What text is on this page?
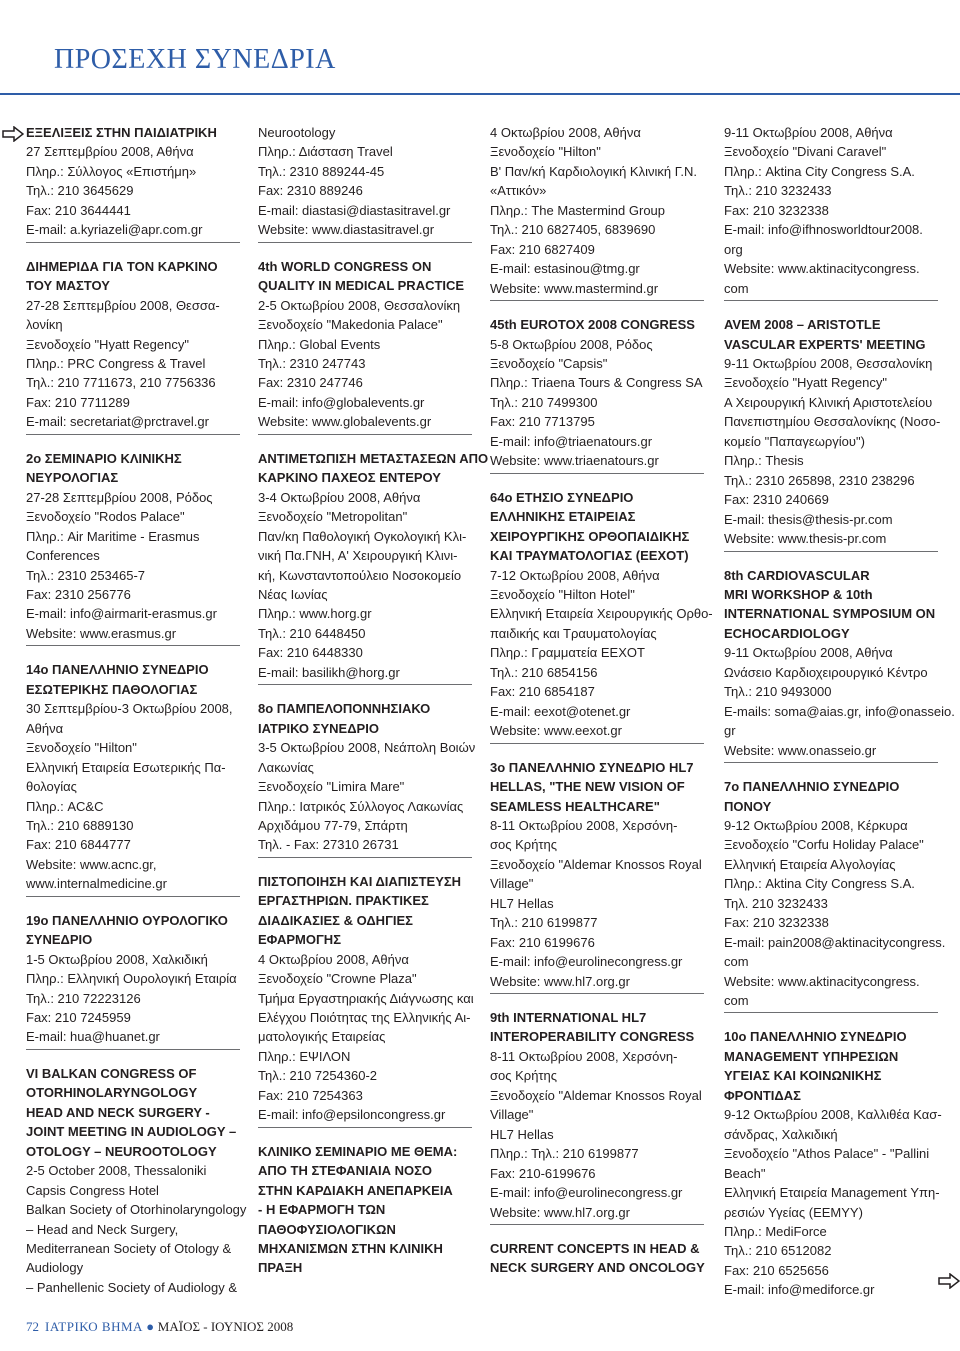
ΠΡΟΣΕΧΗ ΣΥΝΕΔΡΙΑ
ΕΞΕΛΙΞΕΙΣ ΣΤΗΝ ΠΑΙΔΙΑΤΡΙΚΗ
27 Σεπτεμβρίου 2008, Αθήνα
Πληρ.: Σύλλογος «Επιστήμη»
Τηλ.: 210 3645629
Fax: 210 3644441
E-mail: a.kyriazeli@apr.com.gr
ΔΙΗΜΕΡΙΔΑ ΓΙΑ ΤΟΝ ΚΑΡΚΙΝΟ
ΤΟΥ ΜΑΣΤΟΥ
27-28 Σεπτεμβρίου 2008, Θεσσα-
λονίκη
Ξενοδοχείο "Hyatt Regency"
Πληρ.: PRC Congress & Travel
Τηλ.: 210 7711673, 210 7756336
Fax: 210 7711289
E-mail: secretariat@prctravel.gr
2ο ΣΕΜΙΝΑΡΙΟ ΚΛΙΝΙΚΗΣ
ΝΕΥΡΟΛΟΓΙΑΣ
27-28 Σεπτεμβρίου 2008, Ρόδος
Ξενοδοχείο "Rodos Palace"
Πληρ.: Air Maritime - Erasmus
Conferences
Τηλ.: 2310 253465-7
Fax: 2310 256776
E-mail: info@airmarit-erasmus.gr
Website: www.erasmus.gr
14ο ΠΑΝΕΛΛΗΝΙΟ ΣΥΝΕΔΡΙΟ
ΕΣΩΤΕΡΙΚΗΣ ΠΑΘΟΛΟΓΙΑΣ
30 Σεπτεμβρίου-3 Οκτωβρίου 2008,
Αθήνα
Ξενοδοχείο "Hilton"
Ελληνική Εταιρεία Εσωτερικής Πα-
θολογίας
Πληρ.: AC&C
Τηλ.: 210 6889130
Fax: 210 6844777
Website: www.acnc.gr,
www.internalmedicine.gr
19ο ΠΑΝΕΛΛΗΝΙΟ ΟΥΡΟΛΟΓΙΚΟ
ΣΥΝΕΔΡΙΟ
1-5 Οκτωβρίου 2008, Χαλκιδική
Πληρ.: Ελληνική Ουρολογική Εταιρία
Τηλ.: 210 72223126
Fax: 210 7245959
E-mail: hua@huanet.gr
VI BALKAN CONGRESS OF
OTORHINOLARYNGOLOGY
HEAD AND NECK SURGERY -
JOINT MEETING IN AUDIOLOGY –
OTOLOGY – NEUROOTOLOGY
2-5 October 2008, Thessaloniki
Capsis Congress Hotel
Balkan Society of Otorhinolaryngology
– Head and Neck Surgery,
Mediterranean Society of Otology &
Audiology
– Panhellenic Society of Audiology &
Neurootology
Πληρ.: Διάσταση Travel
Τηλ.: 2310 889244-45
Fax: 2310 889246
E-mail: diastasi@diastasitravel.gr
Website: www.diastasitravel.gr
4th WORLD CONGRESS ON
QUALITY IN MEDICAL PRACTICE
2-5 Οκτωβρίου 2008, Θεσσαλονίκη
Ξενοδοχείο "Makedonia Palace"
Πληρ.: Global Events
Τηλ.: 2310 247743
Fax: 2310 247746
E-mail: info@globalevents.gr
Website: www.globalevents.gr
ΑΝΤΙΜΕΤΩΠΙΣΗ ΜΕΤΑΣΤΑΣΕΩΝ ΑΠΟ
ΚΑΡΚΙΝΟ ΠΑΧΕΟΣ ΕΝΤΕΡΟΥ
3-4 Οκτωβρίου 2008, Αθήνα
Ξενοδοχείο "Metropolitan"
Παν/κη Παθολογική Ογκολογική Κλι-
νική Πα.ΓΝΗ, Α' Χειρουργική Κλινι-
κή, Κωνσταντοπούλειο Νοσοκομείο
Νέας Ιωνίας
Πληρ.: www.horg.gr
Τηλ.: 210 6448450
Fax: 210 6448330
E-mail: basilikh@horg.gr
8ο ΠΑΜΠΕΛΟΠΟΝΝΗΣΙΑΚΟ
ΙΑΤΡΙΚΟ ΣΥΝΕΔΡΙΟ
3-5 Οκτωβρίου 2008, Νεάπολη Βοιών
Λακωνίας
Ξενοδοχείο "Limira Mare"
Πληρ.: Ιατρικός Σύλλογος Λακωνίας
Αρχιδάμου 77-79, Σπάρτη
Τηλ. - Fax: 27310 26731
ΠΙΣΤΟΠΟΙΗΣΗ ΚΑΙ ΔΙΑΠΙΣΤΕΥΣΗ
ΕΡΓΑΣΤΗΡΙΩΝ. ΠΡΑΚΤΙΚΕΣ
ΔΙΑΔΙΚΑΣΙΕΣ & ΟΔΗΓΙΕΣ
ΕΦΑΡΜΟΓΗΣ
4 Οκτωβρίου 2008, Αθήνα
Ξενοδοχείο "Crowne Plaza"
Τμήμα Εργαστηριακής Διάγνωσης και
Ελέγχου Ποιότητας της Ελληνικής Αι-
ματολογικής Εταιρείας
Πληρ.: ΕΨΙΛΟΝ
Τηλ.: 210 7254360-2
Fax: 210 7254363
E-mail: info@epsiloncongress.gr
ΚΛΙΝΙΚΟ ΣΕΜΙΝΑΡΙΟ ΜΕ ΘΕΜΑ:
ΑΠΟ ΤΗ ΣΤΕΦΑΝΙΑΙΑ ΝΟΣΟ
ΣΤΗΝ ΚΑΡΔΙΑΚΗ ΑΝΕΠΑΡΚΕΙΑ
- Η ΕΦΑΡΜΟΓΗ ΤΩΝ
ΠΑΘΟΦΥΣΙΟΛΟΓΙΚΩΝ
ΜΗΧΑΝΙΣΜΩΝ ΣΤΗΝ ΚΛΙΝΙΚΗ
ΠΡΑΞΗ
4 Οκτωβρίου 2008, Αθήνα
Ξενοδοχείο "Hilton"
Β' Παν/κή Καρδιολογική Κλινική Γ.Ν.
«Αττικόν»
Πληρ.: The Mastermind Group
Τηλ.: 210 6827405, 6839690
Fax: 210 6827409
E-mail: estasinou@tmg.gr
Website: www.mastermind.gr
45th EUROTOX 2008 CONGRESS
5-8 Οκτωβρίου 2008, Ρόδος
Ξενοδοχείο "Capsis"
Πληρ.: Triaena Tours & Congress SA
Τηλ.: 210 7499300
Fax: 210 7713795
E-mail: info@triaenatours.gr
Website: www.triaenatours.gr
64ο ΕΤΗΣΙΟ ΣΥΝΕΔΡΙΟ
ΕΛΛΗΝΙΚΗΣ ΕΤΑΙΡΕΙΑΣ
ΧΕΙΡΟΥΡΓΙΚΗΣ ΟΡΘΟΠΑΙΔΙΚΗΣ
ΚΑΙ ΤΡΑΥΜΑΤΟΛΟΓΙΑΣ (ΕΕΧΟΤ)
7-12 Οκτωβρίου 2008, Αθήνα
Ξενοδοχείο "Hilton Hotel"
Ελληνική Εταιρεία Χειρουργικής Ορθο-
παιδικής και Τραυματολογίας
Πληρ.: Γραμματεία ΕΕΧΟΤ
Τηλ.: 210 6854156
Fax: 210 6854187
E-mail: eexot@otenet.gr
Website: www.eexot.gr
3ο ΠΑΝΕΛΛΗΝΙΟ ΣΥΝΕΔΡΙΟ HL7
HELLAS, "THE NEW VISION OF
SEAMLESS HEALTHCARE"
8-11 Οκτωβρίου 2008, Χερσόνη-
σος Κρήτης
Ξενοδοχείο "Aldemar Knossos Royal
Village"
HL7 Hellas
Τηλ.: 210 6199877
Fax: 210 6199676
E-mail: info@eurolinecongress.gr
Website: www.hl7.org.gr
9th INTERNATIONAL HL7
INTEROPERABILITY CONGRESS
8-11 Οκτωβρίου 2008, Χερσόνη-
σος Κρήτης
Ξενοδοχείο "Aldemar Knossos Royal
Village"
HL7 Hellas
Πληρ.: Τηλ.: 210 6199877
Fax: 210-6199676
E-mail: info@eurolinecongress.gr
Website: www.hl7.org.gr
CURRENT CONCEPTS IN HEAD &
NECK SURGERY AND ONCOLOGY
9-11 Οκτωβρίου 2008, Αθήνα
Ξενοδοχείο "Divani Caravel"
Πληρ.: Aktina City Congress S.A.
Τηλ.: 210 3232433
Fax: 210 3232338
E-mail: info@ifhnosworldtour2008.
org
Website: www.aktinacitycongress.
com
AVEM 2008 – ARISTOTLE
VASCULAR EXPERTS' MEETING
9-11 Οκτωβρίου 2008, Θεσσαλονίκη
Ξενοδοχείο "Hyatt Regency"
Α Χειρουργική Κλινική Αριστοτελείου
Πανεπιστημίου Θεσσαλονίκης (Νοσο-
κομείο "Παπαγεωργίου")
Πληρ.: Thesis
Τηλ.: 2310 265898, 2310 238296
Fax: 2310 240669
E-mail: thesis@thesis-pr.com
Website: www.thesis-pr.com
8th CARDIOVASCULAR
MRI WORKSHOP & 10th
INTERNATIONAL SYMPOSIUM ON
ECHOCARDIOLOGY
9-11 Οκτωβρίου 2008, Αθήνα
Ωνάσειο Καρδιοχειρουργικό Κέντρο
Τηλ.: 210 9493000
E-mails: soma@aias.gr, info@onasseio.
gr
Website: www.onasseio.gr
7ο ΠΑΝΕΛΛΗΝΙΟ ΣΥΝΕΔΡΙΟ
ΠΟΝΟΥ
9-12 Οκτωβρίου 2008, Κέρκυρα
Ξενοδοχείο "Corfu Holiday Palace"
Ελληνική Εταιρεία Αλγολογίας
Πληρ.: Aktina City Congress S.A.
Τηλ. 210 3232433
Fax: 210 3232338
E-mail: pain2008@aktinacitycongress.
com
Website: www.aktinacitycongress.
com
10ο ΠΑΝΕΛΛΗΝΙΟ ΣΥΝΕΔΡΙΟ
MANAGEMENT ΥΠΗΡΕΣΙΩΝ
ΥΓΕΙΑΣ ΚΑΙ ΚΟΙΝΩΝΙΚΗΣ
ΦΡΟΝΤΙΔΑΣ
9-12 Οκτωβρίου 2008, Καλλιθέα Κασ-
σάνδρας, Χαλκιδική
Ξενοδοχείο "Athos Palace" - "Pallini
Beach"
Ελληνική Εταιρεία Management Υπη-
ρεσιών Υγείας (ΕΕΜΥΥ)
Πληρ.: MediForce
Τηλ.: 210 6512082
Fax: 210 6525656
E-mail: info@mediforce.gr
72 ΙΑΤΡΙΚΟ ΒΗΜΑ ● ΜΑΪΟΣ - ΙΟΥΝΙΟΣ 2008
